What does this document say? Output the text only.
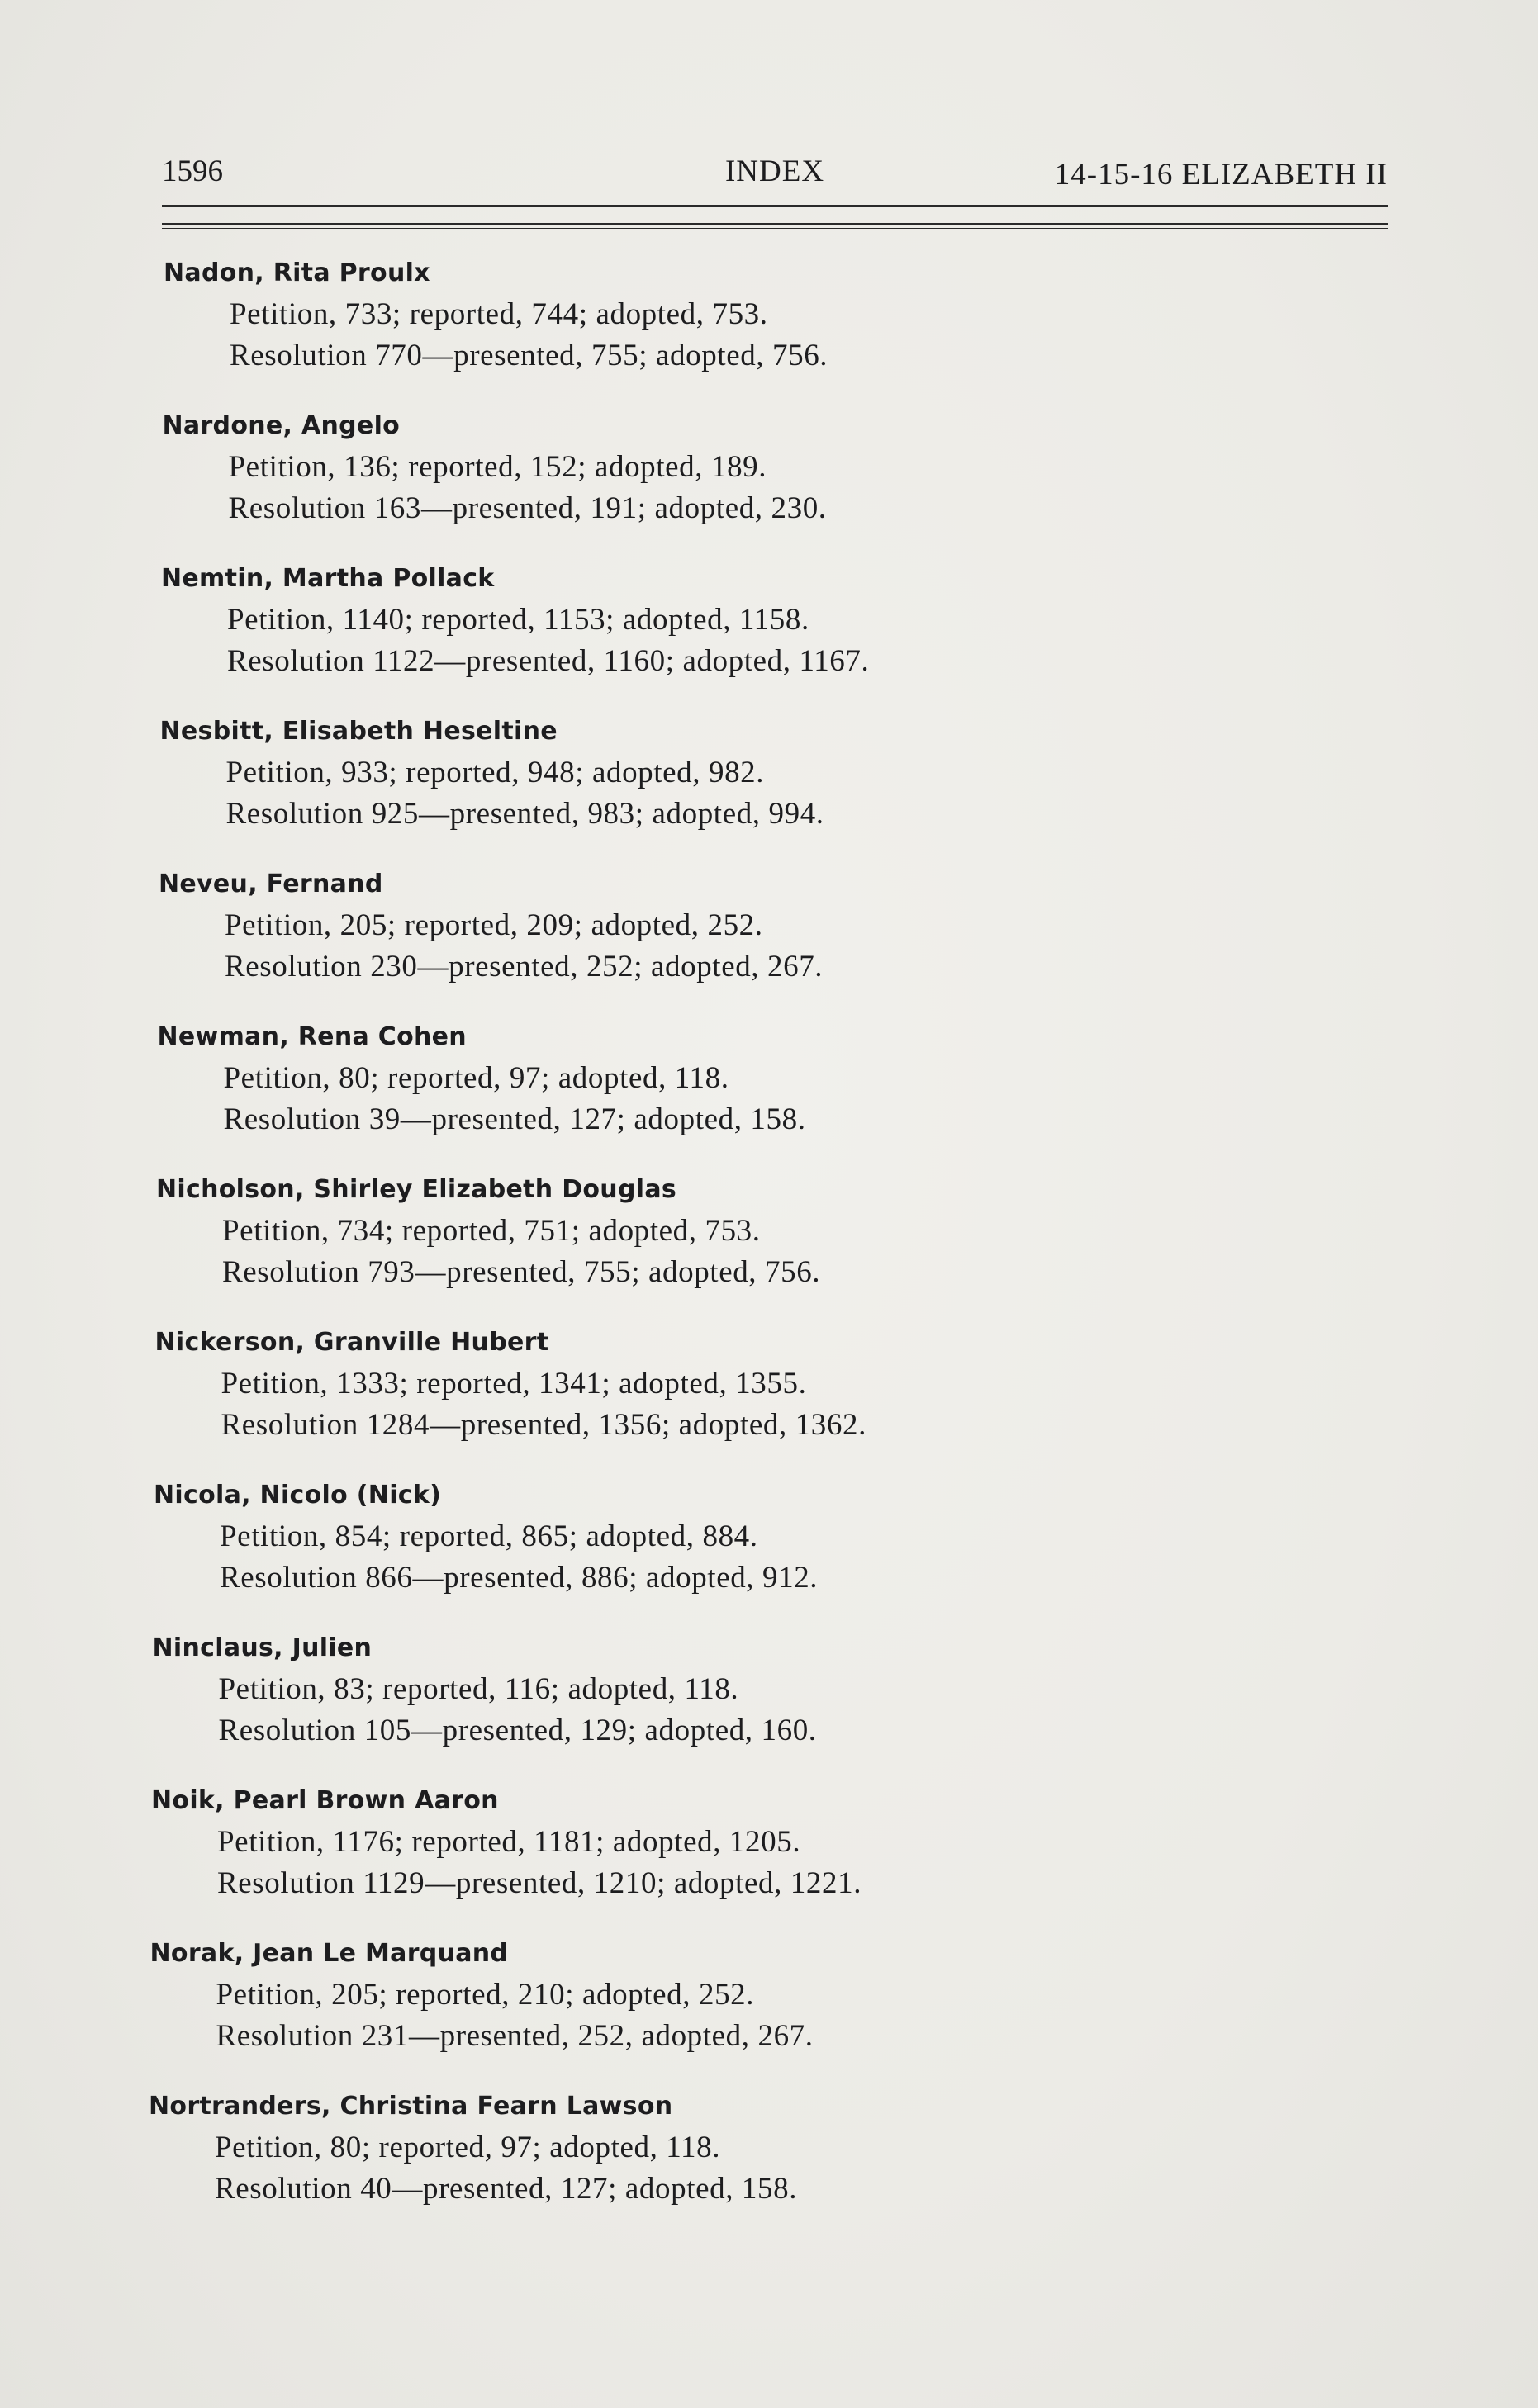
1596	INDEX	14-15-16 ELIZABETH II
Nadon, Rita Proulx
Petition, 733; reported, 744; adopted, 753.
Resolution 770—presented, 755; adopted, 756.
Nardone, Angelo
Petition, 136; reported, 152; adopted, 189.
Resolution 163—presented, 191; adopted, 230.
Nemtin, Martha Pollack
Petition, 1140; reported, 1153; adopted, 1158.
Resolution 1122—presented, 1160; adopted, 1167.
Nesbitt, Elisabeth Heseltine
Petition, 933; reported, 948; adopted, 982.
Resolution 925—presented, 983; adopted, 994.
Neveu, Fernand
Petition, 205; reported, 209; adopted, 252.
Resolution 230—presented, 252; adopted, 267.
Newman, Rena Cohen
Petition, 80; reported, 97; adopted, 118.
Resolution 39—presented, 127; adopted, 158.
Nicholson, Shirley Elizabeth Douglas
Petition, 734; reported, 751; adopted, 753.
Resolution 793—presented, 755; adopted, 756.
Nickerson, Granville Hubert
Petition, 1333; reported, 1341; adopted, 1355.
Resolution 1284—presented, 1356; adopted, 1362.
Nicola, Nicolo (Nick)
Petition, 854; reported, 865; adopted, 884.
Resolution 866—presented, 886; adopted, 912.
Ninclaus, Julien
Petition, 83; reported, 116; adopted, 118.
Resolution 105—presented, 129; adopted, 160.
Noik, Pearl Brown Aaron
Petition, 1176; reported, 1181; adopted, 1205.
Resolution 1129—presented, 1210; adopted, 1221.
Norak, Jean Le Marquand
Petition, 205; reported, 210; adopted, 252.
Resolution 231—presented, 252, adopted, 267.
Nortranders, Christina Fearn Lawson
Petition, 80; reported, 97; adopted, 118.
Resolution 40—presented, 127; adopted, 158.
